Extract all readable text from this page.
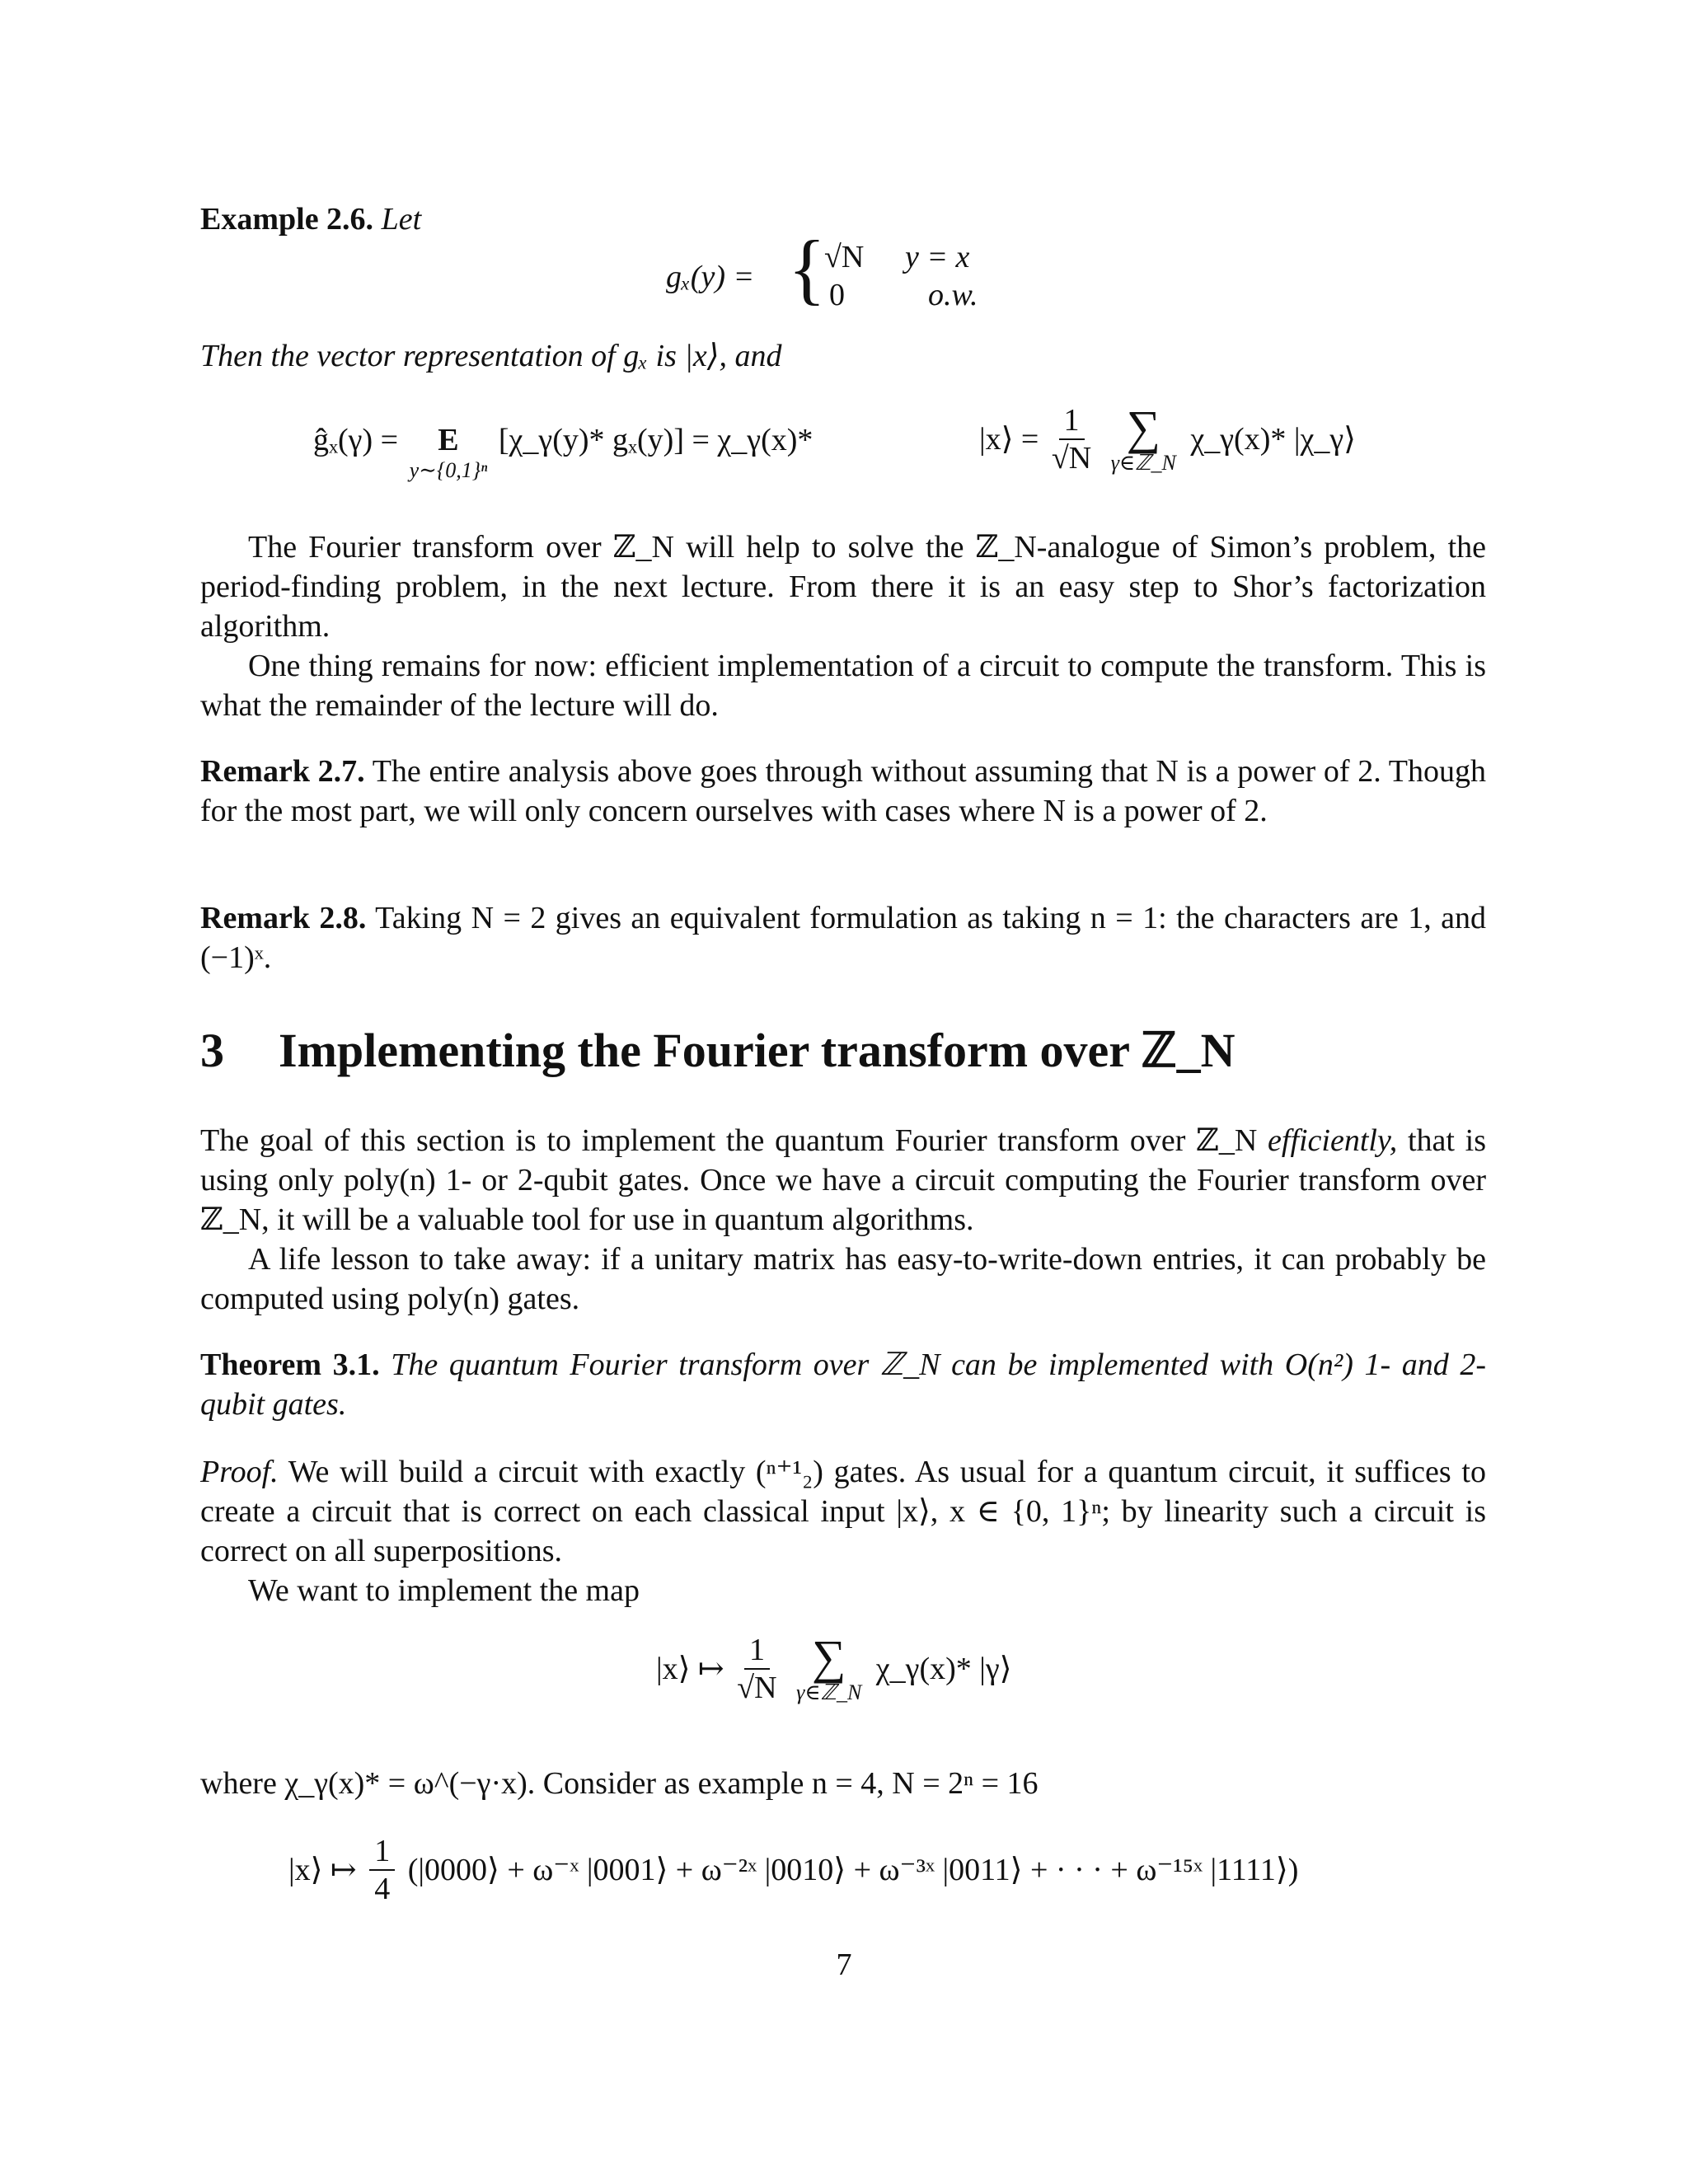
Example 2.6. Let
gₓ(y) = {
√N y = x
0	o.w.
Then the vector representation of gₓ is |x⟩, and
ĝₓ(γ) = E
y∼{0,1}ⁿ
[χ_γ(y)* gₓ(y)] = χ_γ(x)*	|x⟩ = $\frac{1}{√N}$
∑
γ∈ℤ_N
χ_γ(x)* |χ_γ⟩

The Fourier transform over ℤ_N will help to solve the ℤ_N-analogue of Simon’s problem, the period-finding problem, in the next lecture. From there it is an easy step to Shor’s factorization algorithm.

One thing remains for now: efficient implementation of a circuit to compute the transform. This is what the remainder of the lecture will do.

Remark 2.7. The entire analysis above goes through without assuming that N is a power of 2. Though for the most part, we will only concern ourselves with cases where N is a power of 2.

Remark 2.8. Taking N = 2 gives an equivalent formulation as taking n = 1: the characters are 1, and (−1)ˣ.

3 Implementing the Fourier transform over ℤ_N

The goal of this section is to implement the quantum Fourier transform over ℤ_N efficiently, that is using only poly(n) 1- or 2-qubit gates. Once we have a circuit computing the Fourier transform over ℤ_N, it will be a valuable tool for use in quantum algorithms.

A life lesson to take away: if a unitary matrix has easy-to-write-down entries, it can probably be computed using poly(n) gates.

Theorem 3.1. The quantum Fourier transform over ℤ_N can be implemented with O(n²) 1- and 2-qubit gates.

Proof. We will build a circuit with exactly (ⁿ⁺¹₂) gates. As usual for a quantum circuit, it suffices to create a circuit that is correct on each classical input |x⟩, x ∈ {0, 1}ⁿ; by linearity such a circuit is correct on all superpositions.

We want to implement the map

|x⟩ ↦ $\frac{1}{√N}$
∑
γ∈ℤ_N
χ_γ(x)* |γ⟩
where χ_γ(x)* = ω^(−γ·x). Consider as example n = 4, N = 2ⁿ = 16
|x⟩ ↦ $\frac{1}{4}$ (|0000⟩ + ω⁻ˣ |0001⟩ + ω⁻²ˣ |0010⟩ + ω⁻³ˣ |0011⟩ + · · · + ω⁻¹⁵ˣ |1111⟩)
7
